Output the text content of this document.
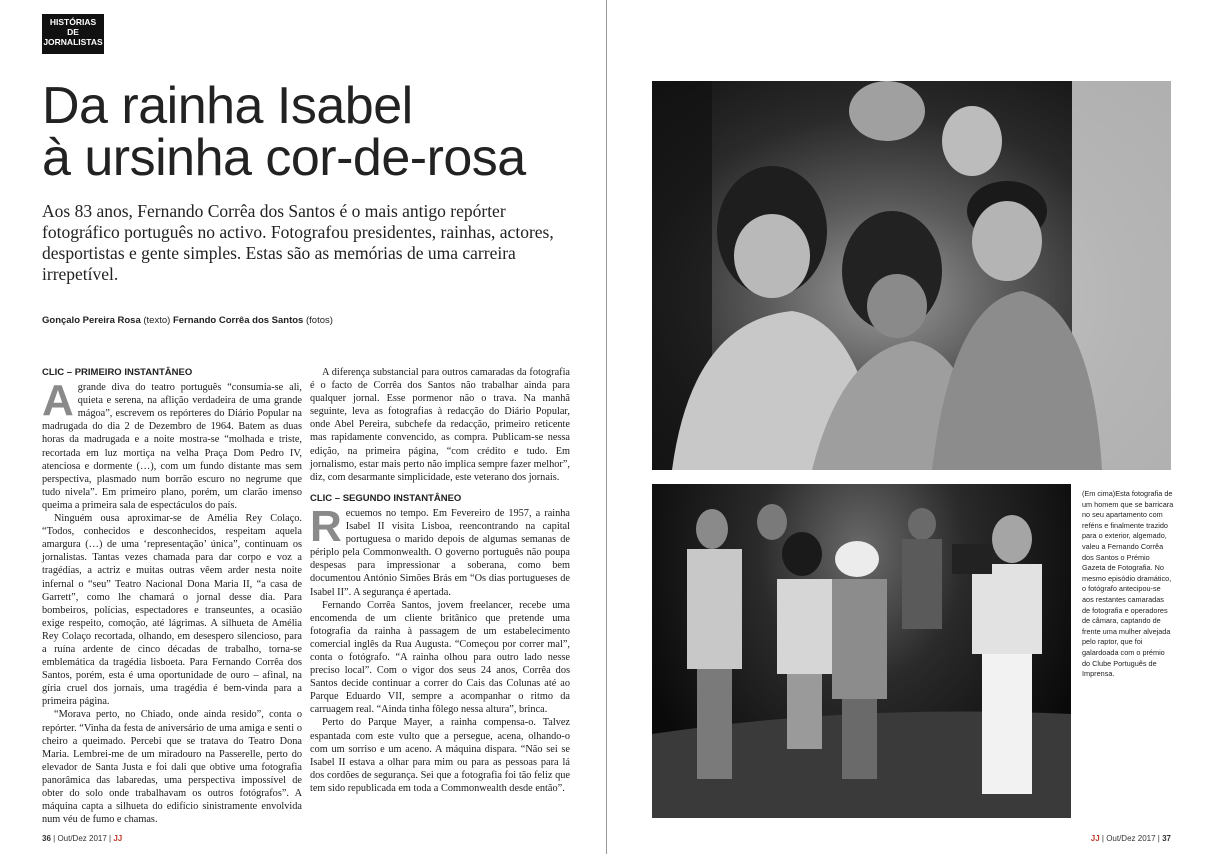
HISTÓRIAS
DE
JORNALISTAS
Da rainha Isabel
à ursinha cor-de-rosa
Aos 83 anos, Fernando Corrêa dos Santos é o mais antigo repórter fotográfico português no activo. Fotografou presidentes, rainhas, actores, desportistas e gente simples. Estas são as memórias de uma carreira irrepetível.
Gonçalo Pereira Rosa (texto) Fernando Corrêa dos Santos (fotos)
CLIC – PRIMEIRO INSTANTÂNEO

A grande diva do teatro português “consumia-se ali, quieta e serena, na aflição verdadeira de uma grande mágoa”, escrevem os repórteres do Diário Popular na madrugada do dia 2 de Dezembro de 1964. Batem as duas horas da madrugada e a noite mostra-se “molhada e triste, recortada em luz mortiça na velha Praça Dom Pedro IV, atenciosa e dormente (…), com um fundo distante mas sem perspectiva, plasmado num borrão escuro no negrume que tudo nivela”. Em primeiro plano, porém, um clarão imenso queima a primeira sala de espectáculos do país.

Ninguém ousa aproximar-se de Amélia Rey Colaço. “Todos, conhecidos e desconhecidos, respeitam aquela amargura (…) de uma ‘representação’ única”, continuam os jornalistas. Tantas vezes chamada para dar corpo e voz a tragédias, a actriz e muitas outras vêem arder nesta noite infernal o “seu” Teatro Nacional Dona Maria II, “a casa de Garrett”, como lhe chamará o jornal desse dia. Para bombeiros, polícias, espectadores e transeuntes, a ocasião exige respeito, comoção, até lágrimas. A silhueta de Amélia Rey Colaço recortada, olhando, em desespero silencioso, para a ruína ardente de cinco décadas de trabalho, torna-se emblemática da tragédia lisboeta. Para Fernando Corrêa dos Santos, porém, esta é uma oportunidade de ouro – afinal, na gíria cruel dos jornais, uma tragédia é bem-vinda para a primeira página.

“Morava perto, no Chiado, onde ainda resido”, conta o repórter. “Vinha da festa de aniversário de uma amiga e senti o cheiro a queimado. Percebi que se tratava do Teatro Dona Maria. Lembrei-me de um miradouro na Passerelle, perto do elevador de Santa Justa e foi dali que obtive uma fotografia panorâmica das labaredas, uma perspectiva impossível de obter do solo onde trabalhavam os outros fotógrafos”. A máquina capta a silhueta do edifício sinistramente envolvida num véu de fumo e chamas.

A diferença substancial para outros camaradas da fotografia é o facto de Corrêa dos Santos não trabalhar ainda para qualquer jornal. Esse pormenor não o trava. Na manhã seguinte, leva as fotografias à redacção do Diário Popular, onde Abel Pereira, subchefe da redacção, primeiro reticente mas rapidamente convencido, as compra. Publicam-se nessa edição, na primeira página, “com crédito e tudo. Em jornalismo, estar mais perto não implica sempre fazer melhor”, diz, com desarmante simplicidade, este veterano dos jornais.

CLIC – SEGUNDO INSTANTÂNEO

Recuemos no tempo. Em Fevereiro de 1957, a rainha Isabel II visita Lisboa, reencontrando na capital portuguesa o marido depois de algumas semanas de périplo pela Commonwealth. O governo português não poupa despesas para impressionar a soberana, como bem documentou António Simões Brás em “Os dias portugueses de Isabel II”. A segurança é apertada.

Fernando Corrêa Santos, jovem freelancer, recebe uma encomenda de um cliente britânico que pretende uma fotografia da rainha à passagem de um estabelecimento comercial inglês da Rua Augusta. “Começou por correr mal”, conta o fotógrafo. “A rainha olhou para outro lado nesse preciso local”. Com o vigor dos seus 24 anos, Corrêa dos Santos decide continuar a correr do Cais das Colunas até ao Parque Eduardo VII, sempre a acompanhar o ritmo da carruagem real. “Ainda tinha fôlego nessa altura”, brinca.

Perto do Parque Mayer, a rainha compensa-o. Talvez espantada com este vulto que a persegue, acena, olhando-o com um sorriso e um aceno. A máquina dispara. “Não sei se Isabel II estava a olhar para mim ou para as pessoas para lá dos cordões de segurança. Sei que a fotografia foi tão feliz que tem sido republicada em toda a Commonwealth desde então”.

36 | Out/Dez 2017 | JJ
(Em cima)Esta fotografia de um homem que se barricara no seu apartamento com reféns e finalmente trazido para o exterior, algemado, valeu a Fernando Corrêa dos Santos o Prémio Gazeta de Fotografia. No mesmo episódio dramático, o fotógrafo antecipou-se aos restantes camaradas de fotografia e operadores de câmara, captando de frente uma mulher alvejada pelo raptor, que foi galardoada com o prémio do Clube Português de Imprensa.
JJ | Out/Dez 2017 | 37
